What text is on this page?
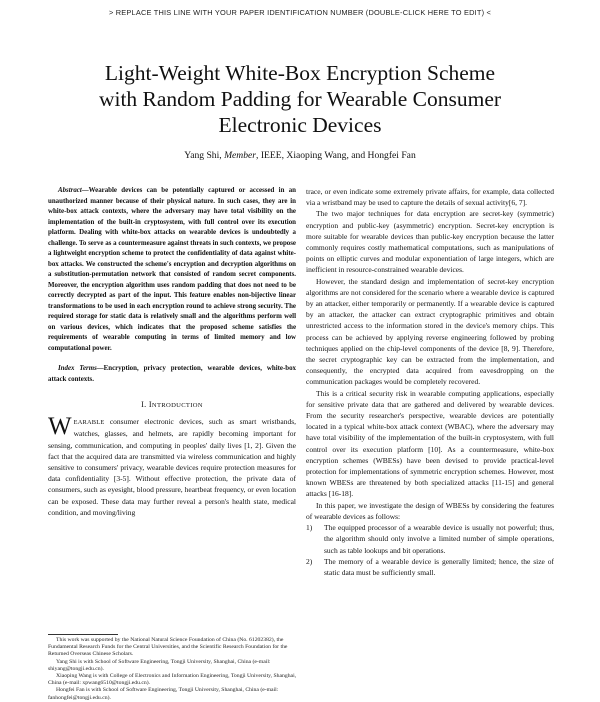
> REPLACE THIS LINE WITH YOUR PAPER IDENTIFICATION NUMBER (DOUBLE-CLICK HERE TO EDIT) <
Light-Weight White-Box Encryption Scheme
with Random Padding for Wearable Consumer
Electronic Devices
Yang Shi, Member, IEEE, Xiaoping Wang, and Hongfei Fan

Abstract—Wearable devices can be potentially captured or accessed in an unauthorized manner because of their physical nature. In such cases, they are in white-box attack contexts, where the adversary may have total visibility on the implementation of the built-in cryptosystem, with full control over its execution platform. Dealing with white-box attacks on wearable devices is undoubtedly a challenge. To serve as a countermeasure against threats in such contexts, we propose a lightweight encryption scheme to protect the confidentiality of data against white-box attacks. We constructed the scheme's encryption and decryption algorithms on a substitution-permutation network that consisted of random secret components. Moreover, the encryption algorithm uses random padding that does not need to be correctly decrypted as part of the input. This feature enables non-bijective linear transformations to be used in each encryption round to achieve strong security. The required storage for static data is relatively small and the algorithms perform well on various devices, which indicates that the proposed scheme satisfies the requirements of wearable computing in terms of limited memory and low computational power.

Index Terms—Encryption, privacy protection, wearable devices, white-box attack contexts.

I. INTRODUCTION

WEARABLE consumer electronic devices, such as smart wristbands, watches, glasses, and helmets, are rapidly becoming important for sensing, communication, and computing in peoples' daily lives [1, 2]. Given the fact that the acquired data are transmitted via wireless communication and highly sensitive to consumers' privacy, wearable devices require protection measures for data confidentiality [3-5]. Without effective protection, the private data of consumers, such as eyesight, blood pressure, heartbeat frequency, or even location can be exposed. These data may further reveal a person's health state, medical condition, and moving/living

This work was supported by the National Natural Science Foundation of China (No. 61202382), the Fundamental Research Funds for the Central Universities, and the Scientific Research Foundation for the Returned Overseas Chinese Scholars.

Yang Shi is with School of Software Engineering, Tongji University, Shanghai, China (e-mail: shiyang@tongji.edu.cn).

Xiaoping Wang is with College of Electronics and Information Engineering, Tongji University, Shanghai, China (e-mail: xpwang6510@tongji.edu.cn).

Hongfei Fan is with School of Software Engineering, Tongji University, Shanghai, China (e-mail: fanhongfei@tongji.edu.cn).

trace, or even indicate some extremely private affairs, for example, data collected via a wristband may be used to capture the details of sexual activity[6, 7].

The two major techniques for data encryption are secret-key (symmetric) encryption and public-key (asymmetric) encryption. Secret-key encryption is more suitable for wearable devices than public-key encryption because the latter commonly requires costly mathematical computations, such as manipulations of points on elliptic curves and modular exponentiation of large integers, which are inefficient in resource-constrained wearable devices.

However, the standard design and implementation of secret-key encryption algorithms are not considered for the scenario where a wearable device is captured by an attacker, either temporarily or permanently. If a wearable device is captured by an attacker, the attacker can extract cryptographic primitives and obtain unrestricted access to the information stored in the device's memory chips. This process can be achieved by applying reverse engineering followed by probing techniques applied on the chip-level components of the device [8, 9]. Therefore, the secret cryptographic key can be extracted from the implementation, and consequently, the encrypted data acquired from eavesdropping on the communication packages would be completely recovered.

This is a critical security risk in wearable computing applications, especially for sensitive private data that are gathered and delivered by wearable devices. From the security researcher's perspective, wearable devices are potentially located in a typical white-box attack context (WBAC), where the adversary may have total visibility of the implementation of the built-in cryptosystem, with full control over its execution platform [10]. As a countermeasure, white-box encryption schemes (WBESs) have been devised to provide practical-level protection for implementations of symmetric encryption schemes. However, most known WBESs are threatened by both specialized attacks [11-15] and general attacks [16-18].

In this paper, we investigate the design of WBESs by considering the features of wearable devices as follows:

1) The equipped processor of a wearable device is usually not powerful; thus, the algorithm should only involve a limited number of simple operations, such as table lookups and bit operations.
2) The memory of a wearable device is generally limited; hence, the size of static data must be sufficiently small.
